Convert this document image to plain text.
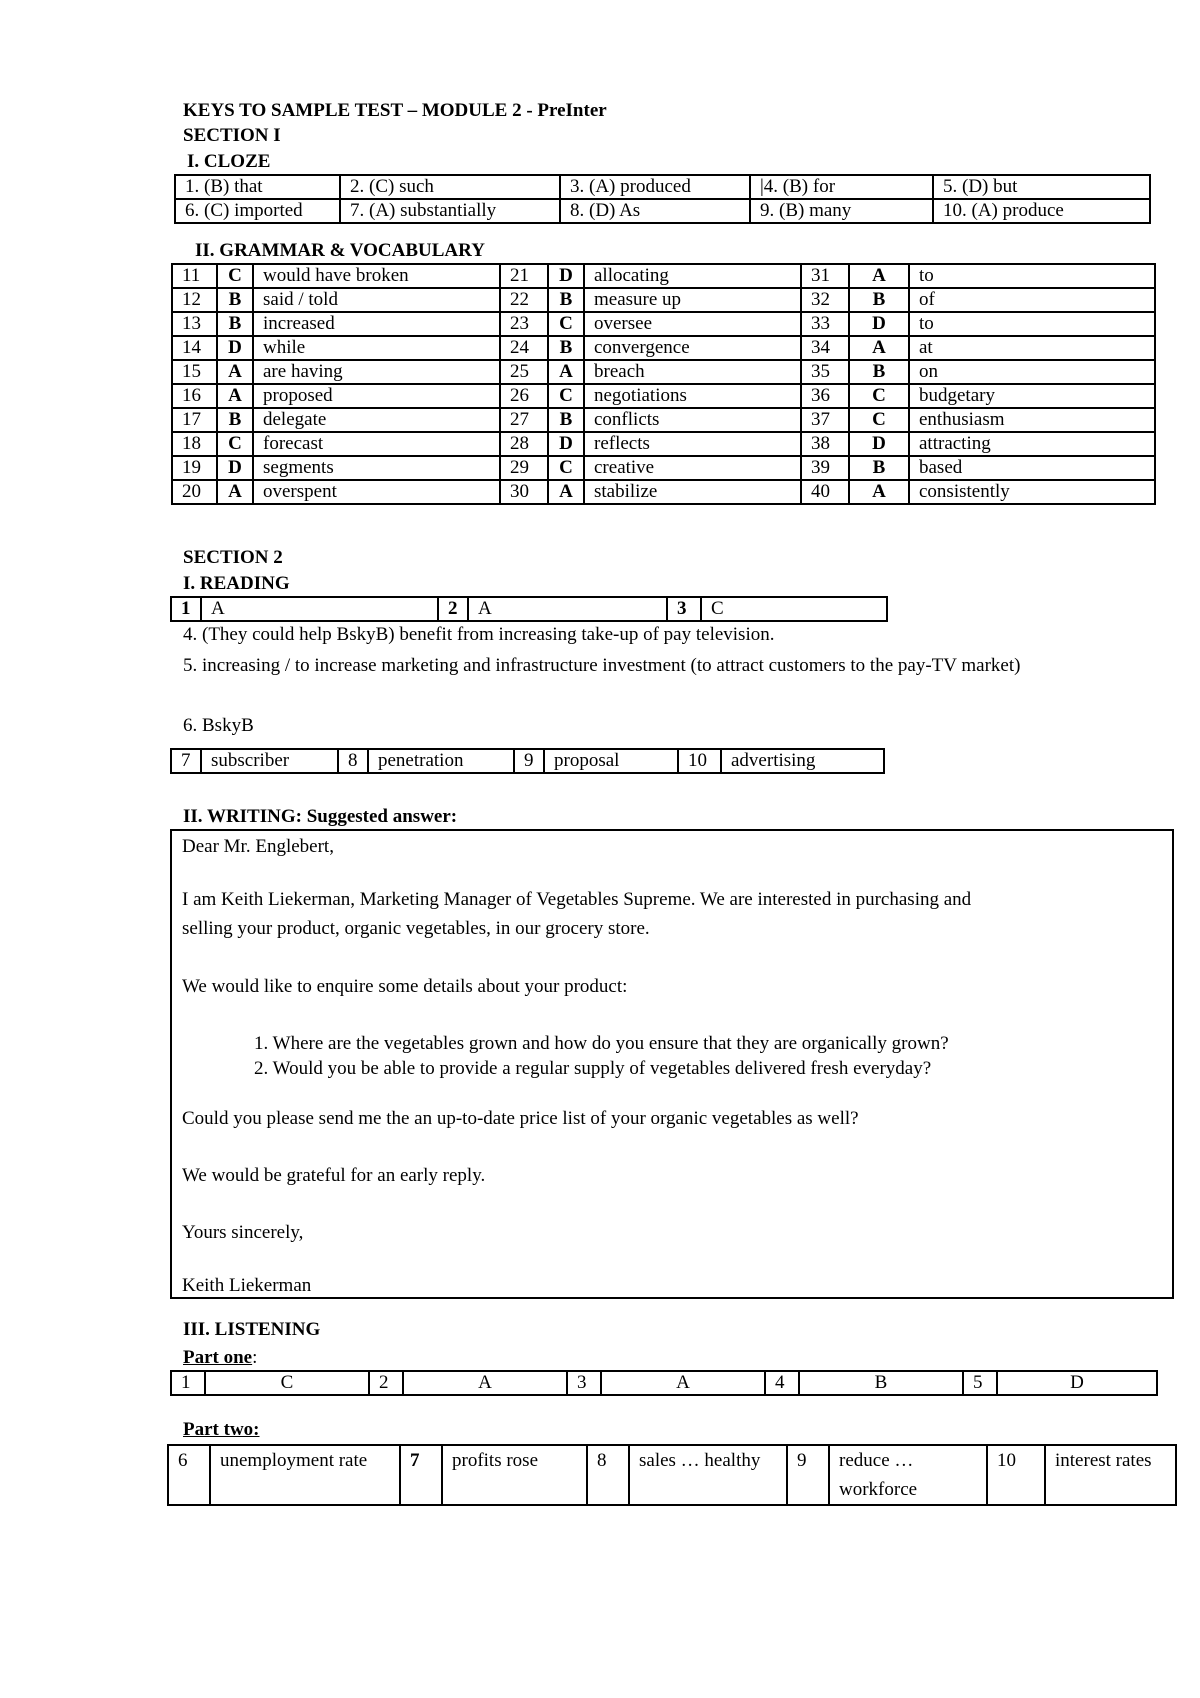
KEYS TO SAMPLE TEST – MODULE 2 - PreInter
SECTION I
I. CLOZE
1. (B) that	2. (C) such	3. (A) produced	|4. (B) for	5. (D) but
6. (C) imported	7. (A) substantially	8. (D) As	9. (B) many	10. (A) produce
II. GRAMMAR & VOCABULARY
11	C	would have broken	21	D	allocating	31	A	to
12	B	said / told	22	B	measure up	32	B	of
13	B	increased	23	C	oversee	33	D	to
14	D	while	24	B	convergence	34	A	at
15	A	are having	25	A	breach	35	B	on
16	A	proposed	26	C	negotiations	36	C	budgetary
17	B	delegate	27	B	conflicts	37	C	enthusiasm
18	C	forecast	28	D	reflects	38	D	attracting
19	D	segments	29	C	creative	39	B	based
20	A	overspent	30	A	stabilize	40	A	consistently
SECTION 2
I. READING
1	A	2	A	3	C
4. (They could help BskyB) benefit from increasing take-up of pay television.
5. increasing / to increase marketing and infrastructure investment (to attract customers to the pay-TV market)
6. BskyB
7	subscriber	8	penetration	9	proposal	10	advertising
II. WRITING: Suggested answer:
Dear Mr. Englebert,
I am Keith Liekerman, Marketing Manager of Vegetables Supreme. We are interested in purchasing and
selling your product, organic vegetables, in our grocery store.
We would like to enquire some details about your product:
1. Where are the vegetables grown and how do you ensure that they are organically grown?
2. Would you be able to provide a regular supply of vegetables delivered fresh everyday?
Could you please send me the an up-to-date price list of your organic vegetables as well?
We would be grateful for an early reply.
Yours sincerely,
Keith Liekerman
III. LISTENING
Part one:
1	C	2	A	3	A	4	B	5	D
Part two:
6	unemployment rate	7	profits rose	8	sales … healthy	9	reduce … workforce	10	interest rates
